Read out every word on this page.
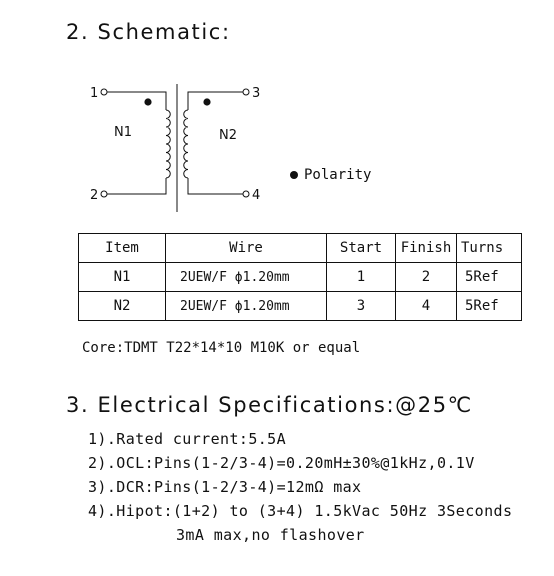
2. Schematic:
1
2
3
4
N1	N2
Polarity
Item	Wire	Start	Finish	Turns
N1	2UEW/F ϕ1.20mm	1	2	5Ref
N2	2UEW/F ϕ1.20mm	3	4	5Ref
Core:TDMT T22*14*10 M10K or equal
3. Electrical Specifications:@25℃
1).Rated current:5.5A
2).OCL:Pins(1-2/3-4)=0.20mH±30%@1kHz,0.1V
3).DCR:Pins(1-2/3-4)=12mΩ max
4).Hipot:(1+2) to (3+4) 1.5kVac 50Hz 3Seconds
3mA max,no flashover
